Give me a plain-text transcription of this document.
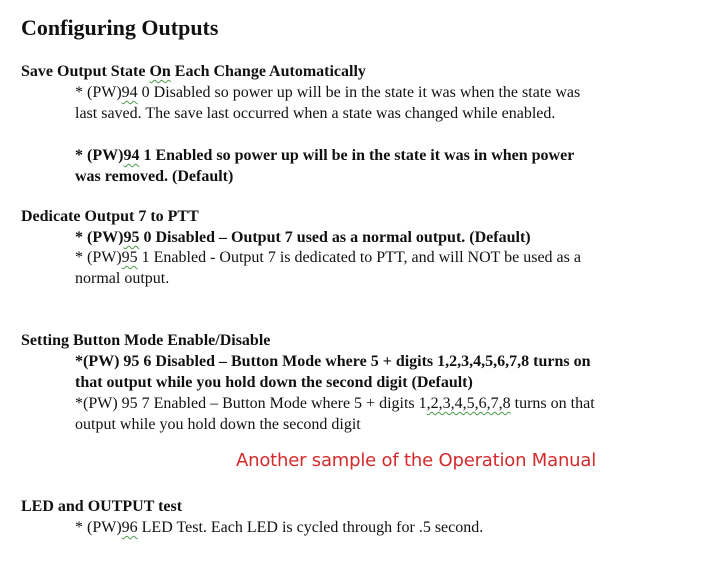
Configuring Outputs
Save Output State On Each Change Automatically
* (PW)94 0 Disabled so power up will be in the state it was when the state was
last saved. The save last occurred when a state was changed while enabled.
* (PW)94 1 Enabled so power up will be in the state it was in when power
was removed. (Default)
Dedicate Output 7 to PTT
* (PW)95 0 Disabled – Output 7 used as a normal output. (Default)
* (PW)95 1 Enabled - Output 7 is dedicated to PTT, and will NOT be used as a
normal output.
Setting Button Mode Enable/Disable
*(PW) 95 6 Disabled – Button Mode where 5 + digits 1,2,3,4,5,6,7,8 turns on
that output while you hold down the second digit (Default)
*(PW) 95 7 Enabled – Button Mode where 5 + digits 1,2,3,4,5,6,7,8 turns on that
output while you hold down the second digit
Another sample of the Operation Manual
LED and OUTPUT test
* (PW)96 LED Test. Each LED is cycled through for .5 second.
